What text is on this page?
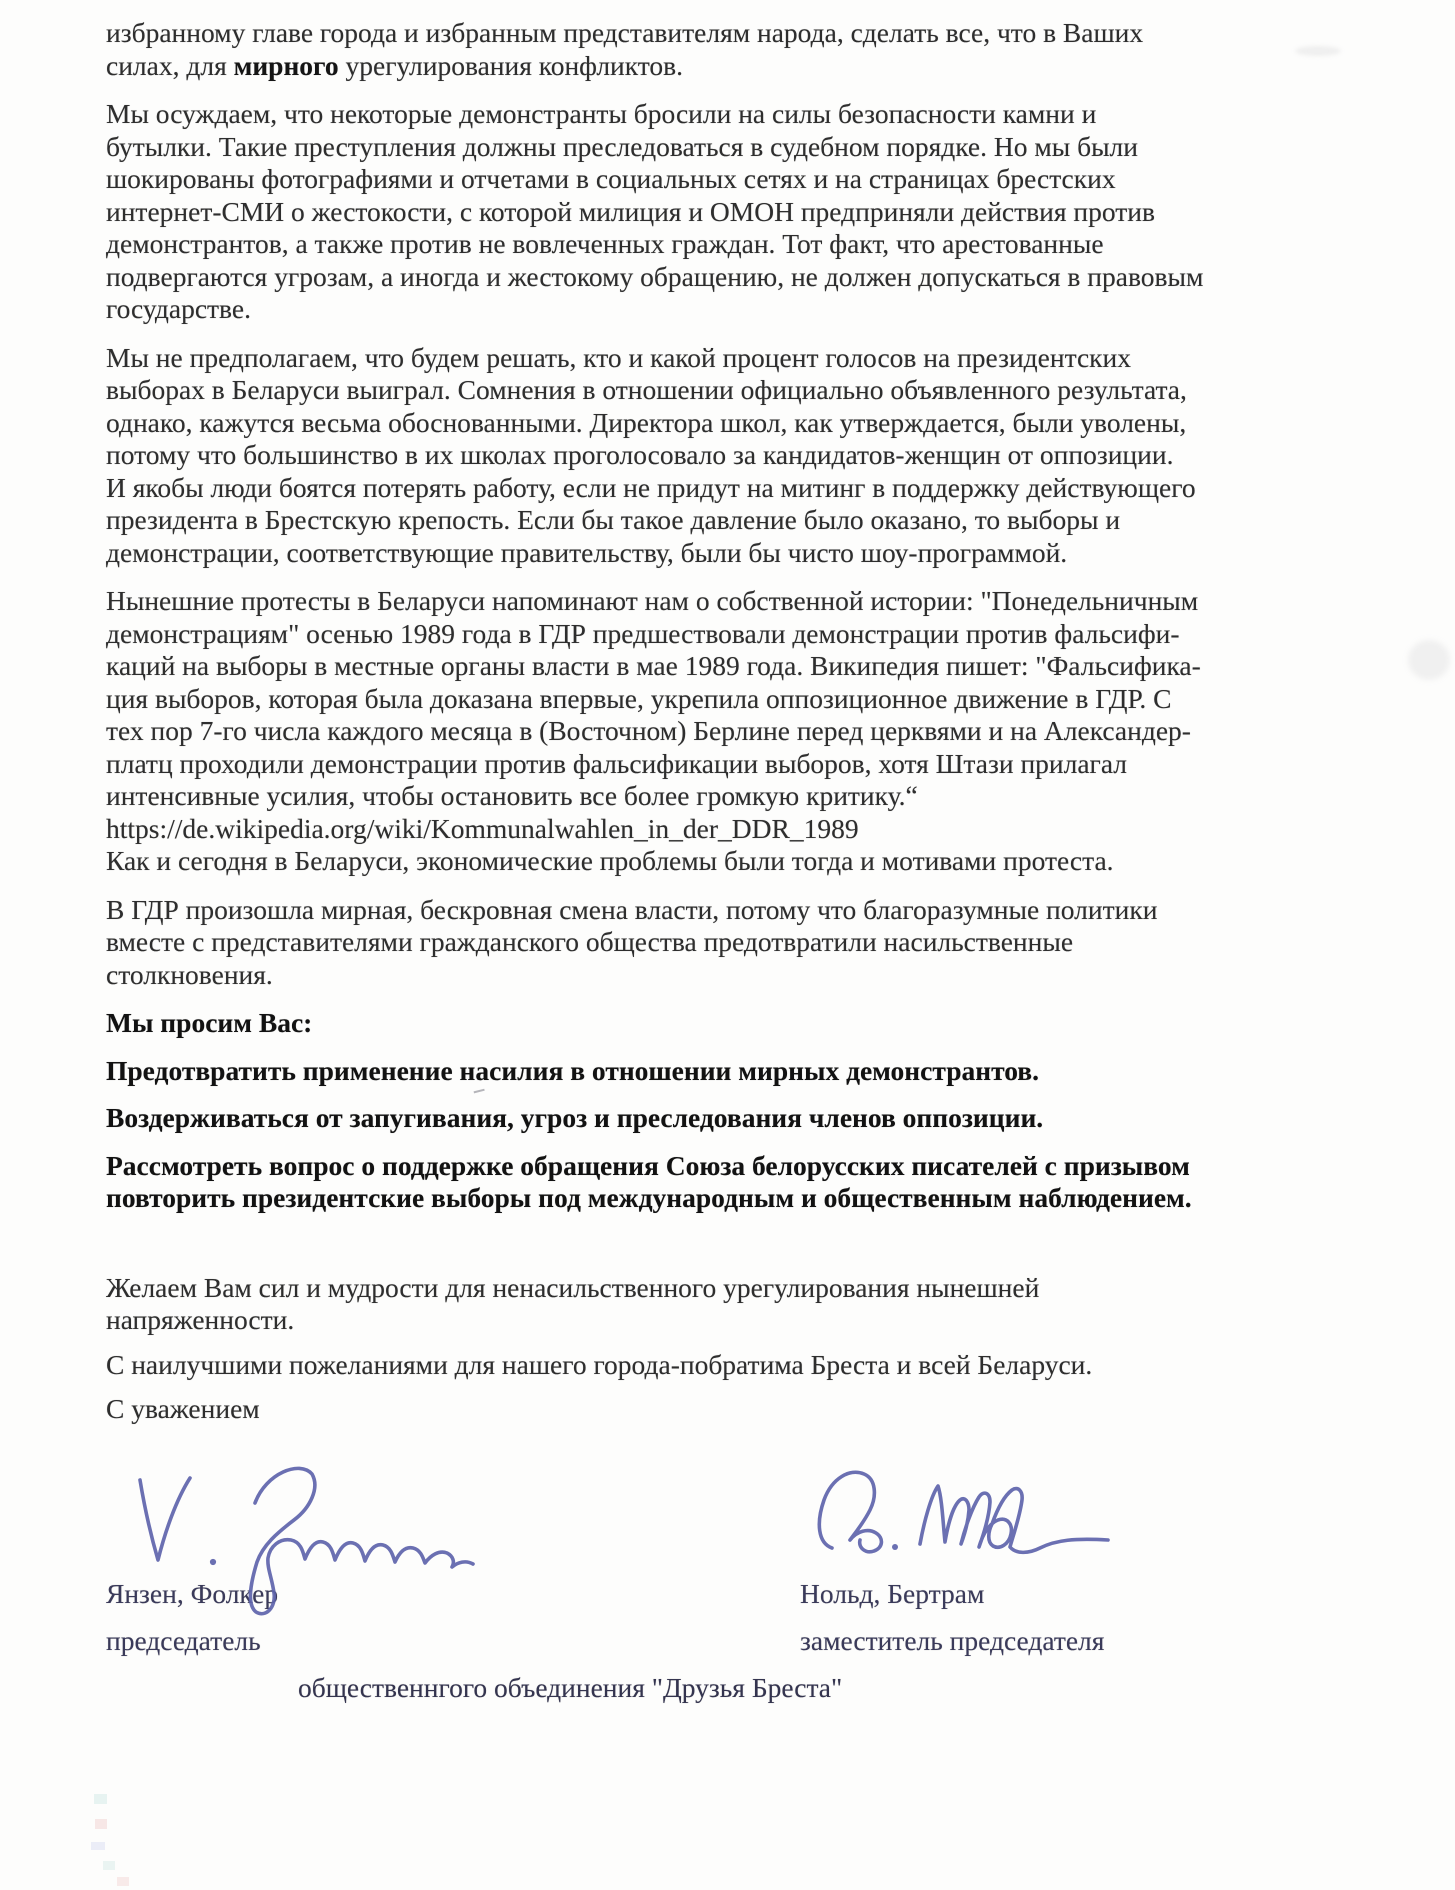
избранному главе города и избранным представителям народа, сделать все, что в Ваших
силах, для мирного урегулирования конфликтов.
Мы осуждаем, что некоторые демонстранты бросили на силы безопасности камни и
бутылки. Такие преступления должны преследоваться в судебном порядке. Но мы были
шокированы фотографиями и отчетами в социальных сетях и на страницах брестских
интернет-СМИ о жестокости, с которой милиция и ОМОН предприняли действия против
демонстрантов, а также против не вовлеченных граждан. Тот факт, что арестованные
подвергаются угрозам, а иногда и жестокому обращению, не должен допускаться в правовым
государстве.
Мы не предполагаем, что будем решать, кто и какой процент голосов на президентских
выборах в Беларуси выиграл. Сомнения в отношении официально объявленного результата,
однако, кажутся весьма обоснованными. Директора школ, как утверждается, были уволены,
потому что большинство в их школах проголосовало за кандидатов-женщин от оппозиции.
И якобы люди боятся потерять работу, если не придут на митинг в поддержку действующего
президента в Брестскую крепость. Если бы такое давление было оказано, то выборы и
демонстрации, соответствующие правительству, были бы чисто шоу-программой.
Нынешние протесты в Беларуси напоминают нам о собственной истории: "Понедельничным
демонстрациям" осенью 1989 года в ГДР предшествовали демонстрации против фальсифи-
каций на выборы в местные органы власти в мае 1989 года. Википедия пишет: "Фальсифика-
ция выборов, которая была доказана впервые, укрепила оппозиционное движение в ГДР. С
тех пор 7-го числа каждого месяца в (Восточном) Берлине перед церквями и на Александер-
платц проходили демонстрации против фальсификации выборов, хотя Штази прилагал
интенсивные усилия, чтобы остановить все более громкую критику.“
https://de.wikipedia.org/wiki/Kommunalwahlen_in_der_DDR_1989
Как и сегодня в Беларуси, экономические проблемы были тогда и мотивами протеста.
В ГДР произошла мирная, бескровная смена власти, потому что благоразумные политики
вместе с представителями гражданского общества предотвратили насильственные
столкновения.
Мы просим Вас:
Предотвратить применение насилия в отношении мирных демонстрантов.
Воздерживаться от запугивания, угроз и преследования членов оппозиции.
Рассмотреть вопрос о поддержке обращения Союза белорусских писателей с призывом
повторить президентские выборы под международным и общественным наблюдением.
Желаем Вам сил и мудрости для ненасильственного урегулирования нынешней
напряженности.
С наилучшими пожеланиями для нашего города-побратима Бреста и всей Беларуси.
С уважением
Янзен, Фолкер	Нольд, Бертрам
председатель	заместитель председателя
общественнгого объединения "Друзья Бреста"
